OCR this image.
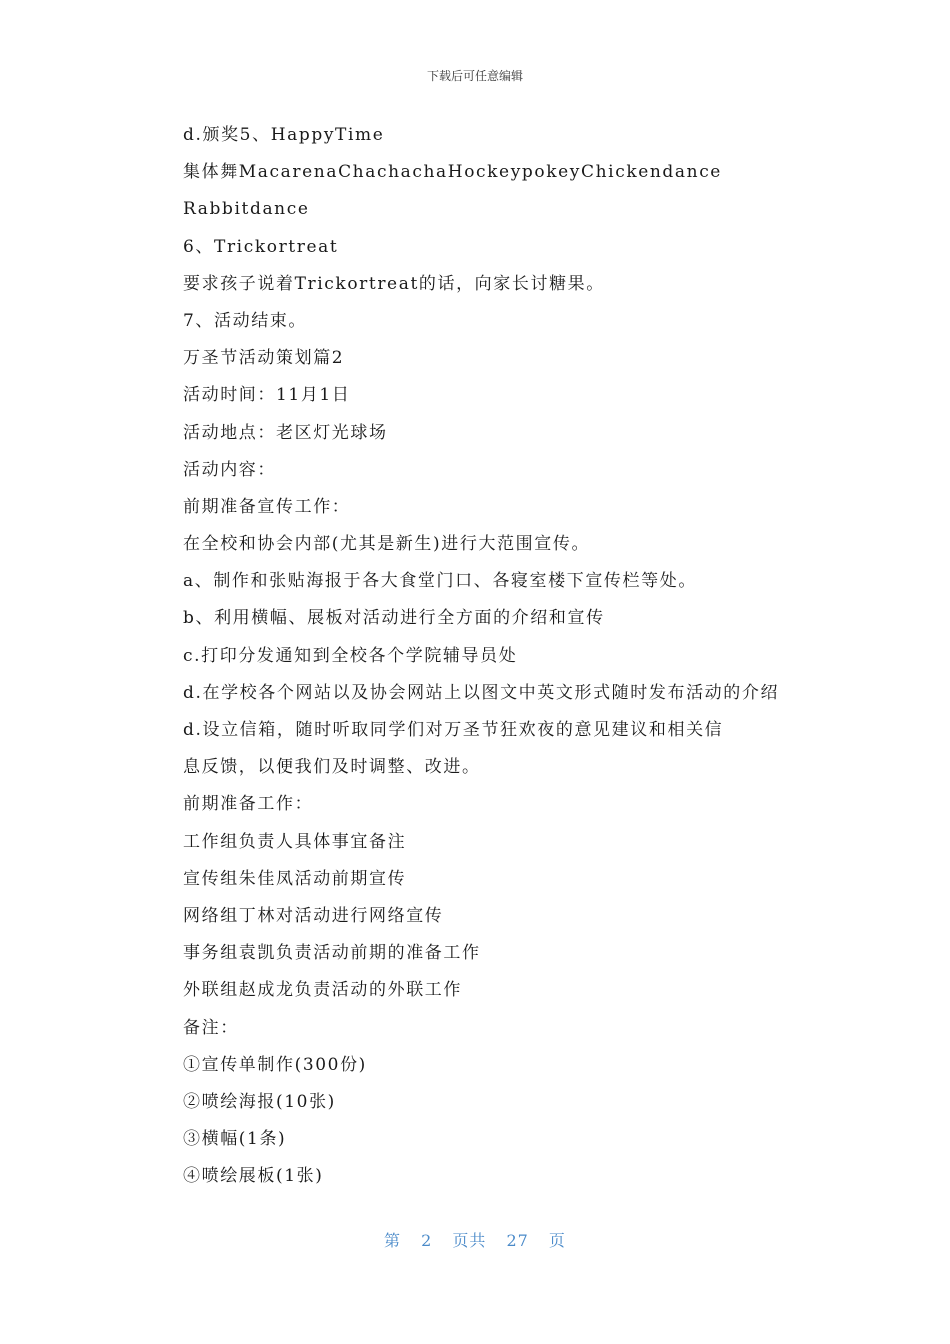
下载后可任意编辑
d.颁奖5、HappyTime
集体舞MacarenaChachachaHockeypokeyChickendance
Rabbitdance
6、Trickortreat
要求孩子说着Trickortreat的话，向家长讨糖果。
7、活动结束。
万圣节活动策划篇2
活动时间：11月1日
活动地点：老区灯光球场
活动内容：
前期准备宣传工作：
在全校和协会内部(尤其是新生)进行大范围宣传。
a、制作和张贴海报于各大食堂门口、各寝室楼下宣传栏等处。
b、利用横幅、展板对活动进行全方面的介绍和宣传
c.打印分发通知到全校各个学院辅导员处
d.在学校各个网站以及协会网站上以图文中英文形式随时发布活动的介绍
d.设立信箱，随时听取同学们对万圣节狂欢夜的意见建议和相关信
息反馈，以便我们及时调整、改进。
前期准备工作：
工作组负责人具体事宜备注
宣传组朱佳凤活动前期宣传
网络组丁林对活动进行网络宣传
事务组袁凯负责活动前期的准备工作
外联组赵成龙负责活动的外联工作
备注：
①宣传单制作(300份)
②喷绘海报(10张)
③横幅(1条)
④喷绘展板(1张)
第 2 页共 27 页
